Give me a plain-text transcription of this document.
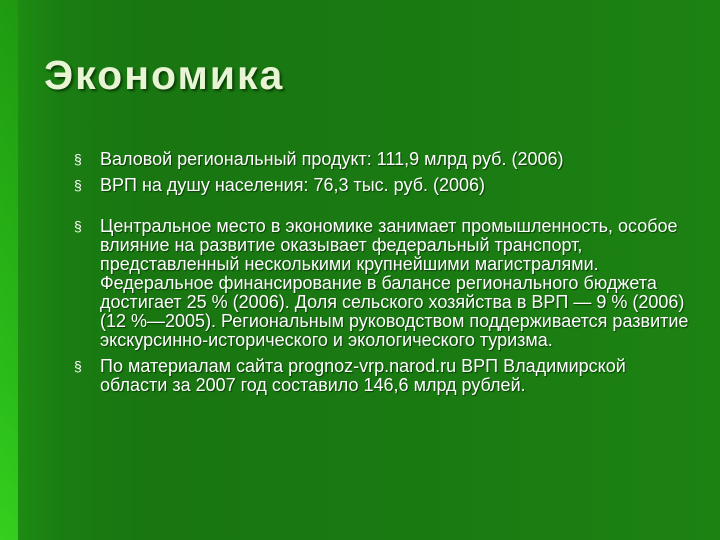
Экономика

§	Валовой региональный продукт: 111,9 млрд руб. (2006)

§	ВРП на душу населения: 76,3 тыс. руб. (2006)

§	Центральное место в экономике занимает промышленность, особое влияние на развитие оказывает федеральный транспорт, представленный несколькими крупнейшими магистралями. Федеральное финансирование в балансе регионального бюджета достигает 25 % (2006). Доля сельского хозяйства в ВРП — 9 % (2006) (12 %—2005). Региональным руководством поддерживается развитие экскурсинно-исторического и экологического туризма.

§	По материалам сайта prognoz-vrp.narod.ru ВРП Владимирской области за 2007 год составило 146,6 млрд рублей.
